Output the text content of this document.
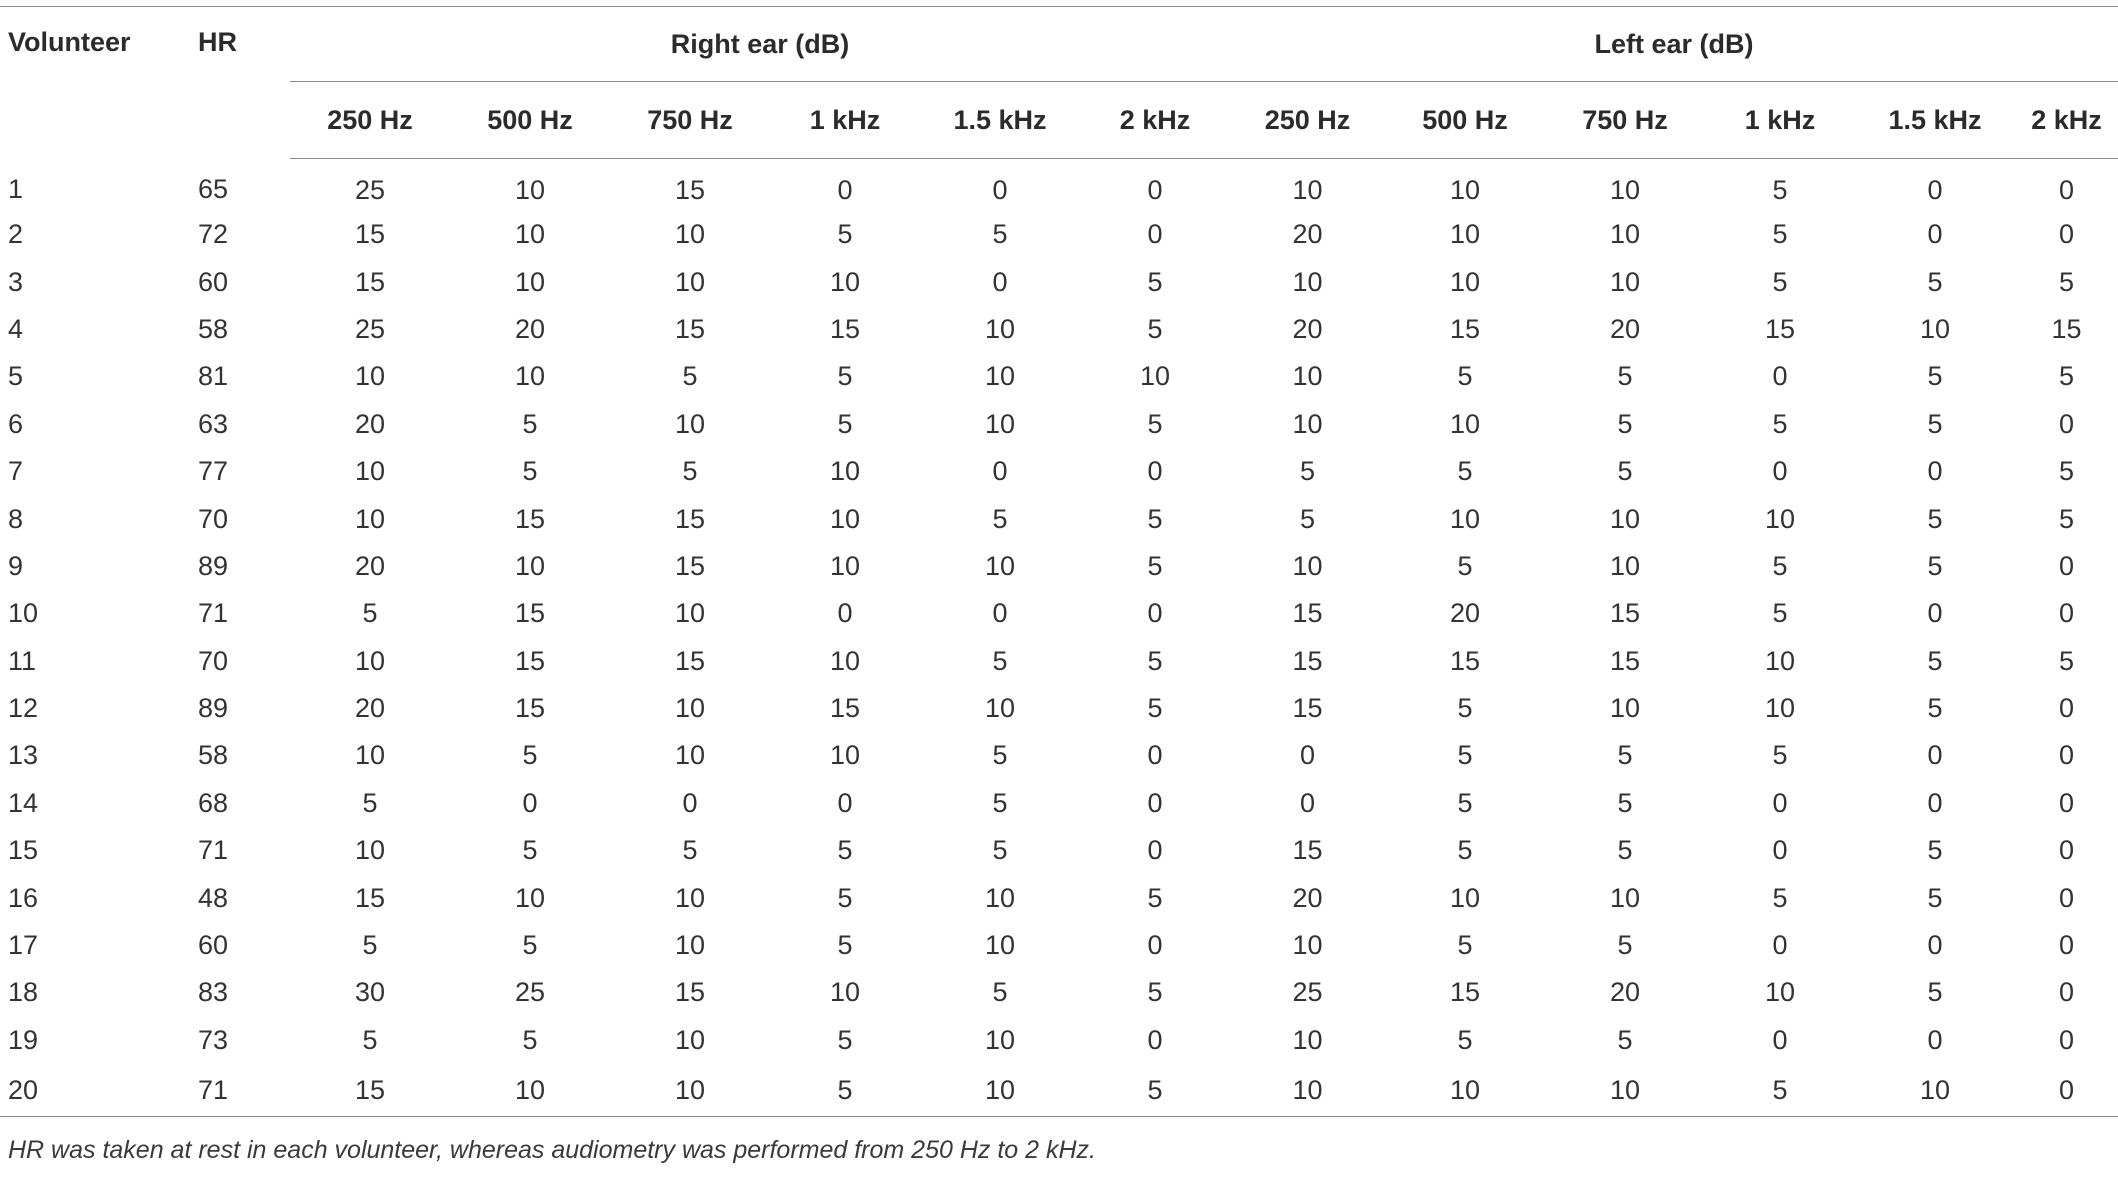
Volunteer	HR	Right ear (dB)						Left ear (dB)					
		250 Hz	500 Hz	750 Hz	1 kHz	1.5 kHz	2 kHz	250 Hz	500 Hz	750 Hz	1 kHz	1.5 kHz	2 kHz
1	65	25	10	15	0	0	0	10	10	10	5	0	0
2	72	15	10	10	5	5	0	20	10	10	5	0	0
3	60	15	10	10	10	0	5	10	10	10	5	5	5
4	58	25	20	15	15	10	5	20	15	20	15	10	15
5	81	10	10	5	5	10	10	10	5	5	0	5	5
6	63	20	5	10	5	10	5	10	10	5	5	5	0
7	77	10	5	5	10	0	0	5	5	5	0	0	5
8	70	10	15	15	10	5	5	5	10	10	10	5	5
9	89	20	10	15	10	10	5	10	5	10	5	5	0
10	71	5	15	10	0	0	0	15	20	15	5	0	0
11	70	10	15	15	10	5	5	15	15	15	10	5	5
12	89	20	15	10	15	10	5	15	5	10	10	5	0
13	58	10	5	10	10	5	0	0	5	5	5	0	0
14	68	5	0	0	0	5	0	0	5	5	0	0	0
15	71	10	5	5	5	5	0	15	5	5	0	5	0
16	48	15	10	10	5	10	5	20	10	10	5	5	0
17	60	5	5	10	5	10	0	10	5	5	0	0	0
18	83	30	25	15	10	5	5	25	15	20	10	5	0
19	73	5	5	10	5	10	0	10	5	5	0	0	0
20	71	15	10	10	5	10	5	10	10	10	5	10	0
HR was taken at rest in each volunteer, whereas audiometry was performed from 250 Hz to 2 kHz.
